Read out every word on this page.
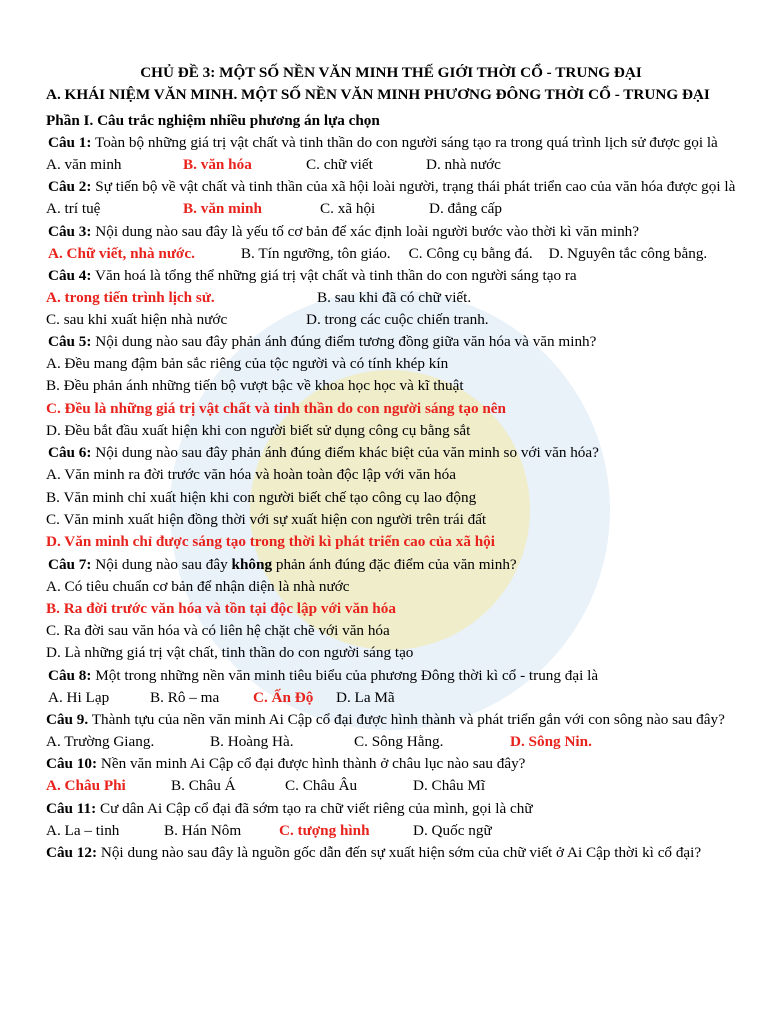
CHỦ ĐỀ 3: MỘT SỐ NỀN VĂN MINH THẾ GIỚI THỜI CỔ - TRUNG ĐẠI
A. KHÁI NIỆM VĂN MINH. MỘT SỐ NỀN VĂN MINH PHƯƠNG ĐÔNG THỜI CỔ - TRUNG ĐẠI
Phần I. Câu trắc nghiệm nhiều phương án lựa chọn
Câu 1: Toàn bộ những giá trị vật chất và tinh thần do con người sáng tạo ra trong quá trình lịch sử được gọi là
A. văn minh	B. văn hóa	C. chữ viết	D. nhà nước
Câu 2: Sự tiến bộ về vật chất và tinh thần của xã hội loài người, trạng thái phát triển cao của văn hóa được gọi là
A. trí tuệ	B. văn minh	C. xã hội	D. đẳng cấp
Câu 3: Nội dung nào sau đây là yếu tố cơ bản để xác định loài người bước vào thời kì văn minh?
A. Chữ viết, nhà nước.	B. Tín ngưỡng, tôn giáo. C. Công cụ bằng đá. D. Nguyên tắc công bằng.
Câu 4: Văn hoá là tổng thể những giá trị vật chất và tinh thần do con người sáng tạo ra
A. trong tiến trình lịch sử.	B. sau khi đã có chữ viết.
C. sau khi xuất hiện nhà nước	D. trong các cuộc chiến tranh.
Câu 5: Nội dung nào sau đây phản ánh đúng điểm tương đồng giữa văn hóa và văn minh?
A. Đều mang đậm bản sắc riêng của tộc người và có tính khép kín
B. Đều phản ánh những tiến bộ vượt bậc về khoa học học và kĩ thuật
C. Đều là những giá trị vật chất và tinh thần do con người sáng tạo nên
D. Đều bắt đầu xuất hiện khi con người biết sử dụng công cụ bằng sắt
Câu 6: Nội dung nào sau đây phản ánh đúng điểm khác biệt của văn minh so với văn hóa?
A. Văn minh ra đời trước văn hóa và hoàn toàn độc lập với văn hóa
B. Văn minh chỉ xuất hiện khi con người biết chế tạo công cụ lao động
C. Văn minh xuất hiện đồng thời với sự xuất hiện con người trên trái đất
D. Văn minh chỉ được sáng tạo trong thời kì phát triển cao của xã hội
Câu 7: Nội dung nào sau đây không phản ánh đúng đặc điểm của văn minh?
A. Có tiêu chuẩn cơ bản để nhận diện là nhà nước
B. Ra đời trước văn hóa và tồn tại độc lập với văn hóa
C. Ra đời sau văn hóa và có liên hệ chặt chẽ với văn hóa
D. Là những giá trị vật chất, tinh thần do con người sáng tạo
Câu 8: Một trong những nền văn minh tiêu biểu của phương Đông thời kì cổ - trung đại là
A. Hi Lạp	B. Rô – ma	C. Ấn Độ	D. La Mã
Câu 9. Thành tựu của nền văn minh Ai Cập cổ đại được hình thành và phát triển gắn với con sông nào sau đây?
A. Trường Giang.	B. Hoàng Hà.	C. Sông Hằng.	D. Sông Nin.
Câu 10: Nền văn minh Ai Cập cổ đại được hình thành ở châu lục nào sau đây?
A. Châu Phi	B. Châu Á	C. Châu Âu	D. Châu Mĩ
Câu 11: Cư dân Ai Cập cổ đại đã sớm tạo ra chữ viết riêng của mình, gọi là chữ
A. La – tinh	B. Hán Nôm	C. tượng hình	D. Quốc ngữ
Câu 12: Nội dung nào sau đây là nguồn gốc dẫn đến sự xuất hiện sớm của chữ viết ở Ai Cập thời kì cổ đại?
